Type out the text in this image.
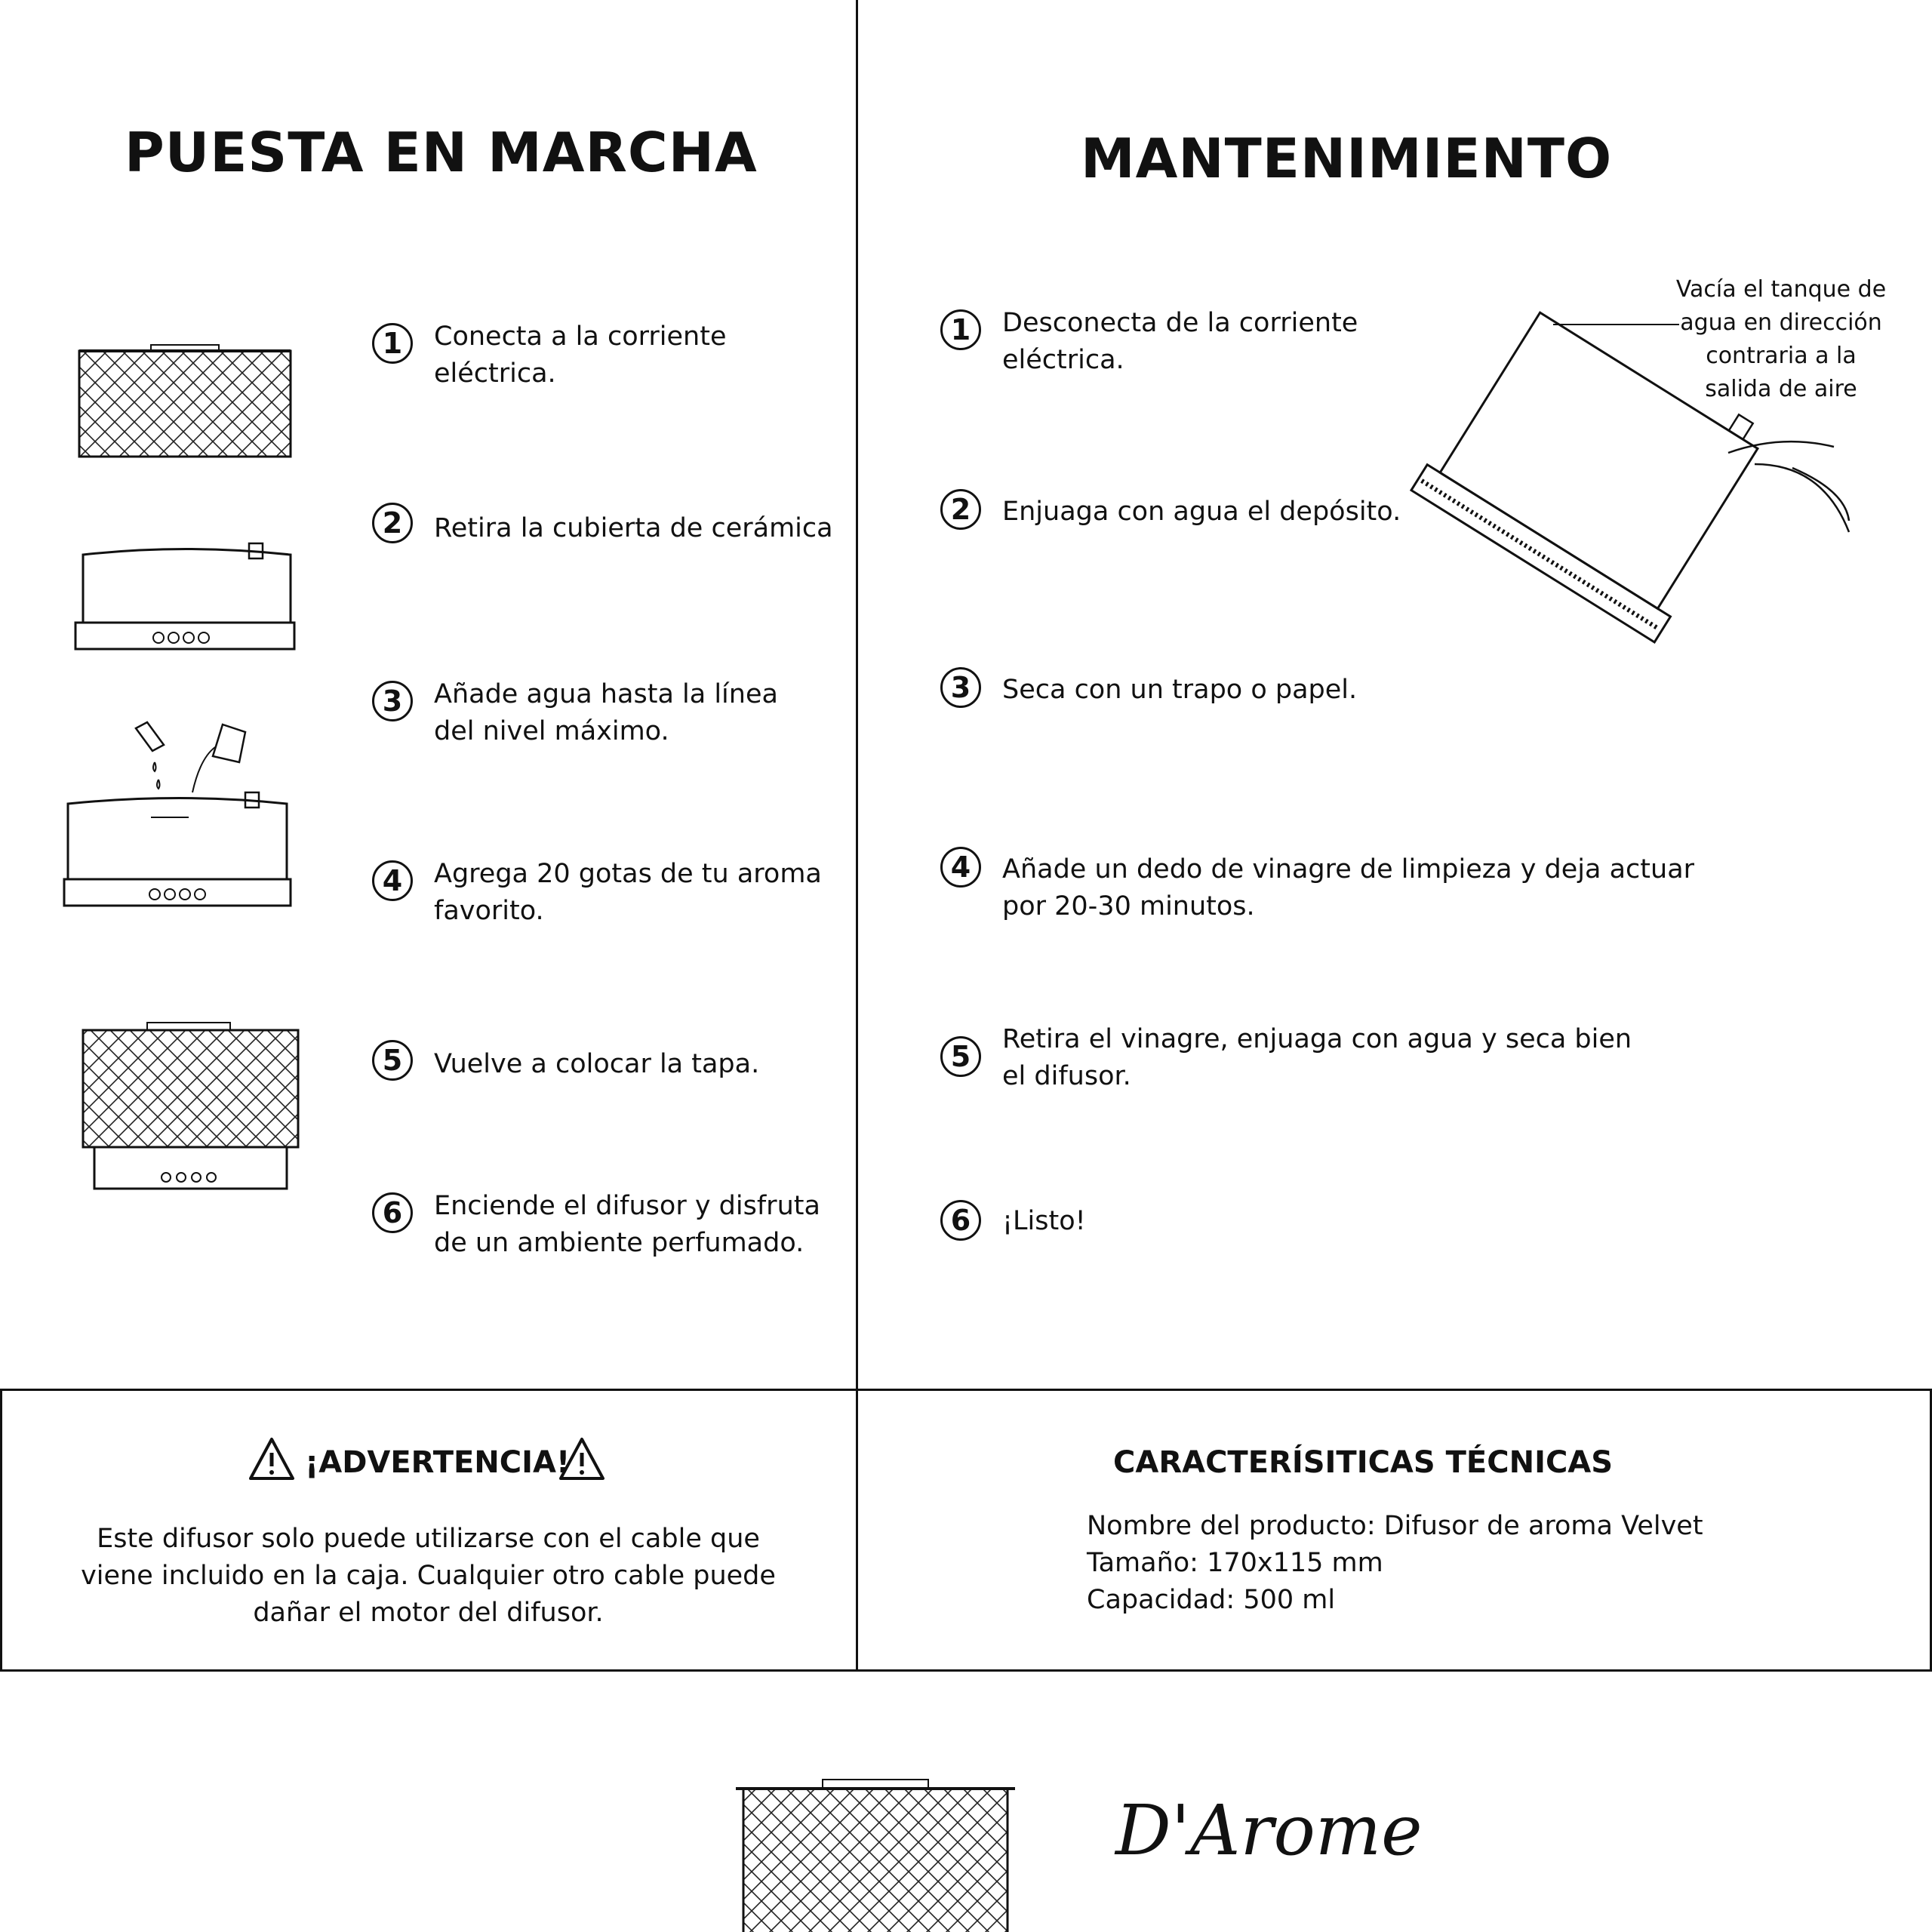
PUESTA EN MARCHA
1	Conecta a la corriente eléctrica.
2	Retira la cubierta de cerámica
3	Añade agua hasta la línea del nivel máximo.
4	Agrega 20 gotas de tu aroma favorito.
5	Vuelve a colocar la tapa.
6	Enciende el difusor y disfruta de un ambiente perfumado.
MANTENIMIENTO
Vacía el tanque de agua en dirección contraria a la salida de aire
1	Desconecta de la corriente eléctrica.
2	Enjuaga con agua el depósito.
3	Seca con un trapo o papel.
4	Añade un dedo de vinagre de limpieza y deja actuar por 20-30 minutos.
5
Retira el vinagre, enjuaga con agua y seca bien el difusor.
6	¡Listo!
¡ADVERTENCIA!
Este difusor solo puede utilizarse con el cable que viene incluido en la caja. Cualquier otro cable puede dañar el motor del difusor.
CARACTERÍSITICAS TÉCNICAS
Nombre del producto: Difusor de aroma Velvet
Tamaño: 170x115 mm
Capacidad: 500 ml
D'Arome
